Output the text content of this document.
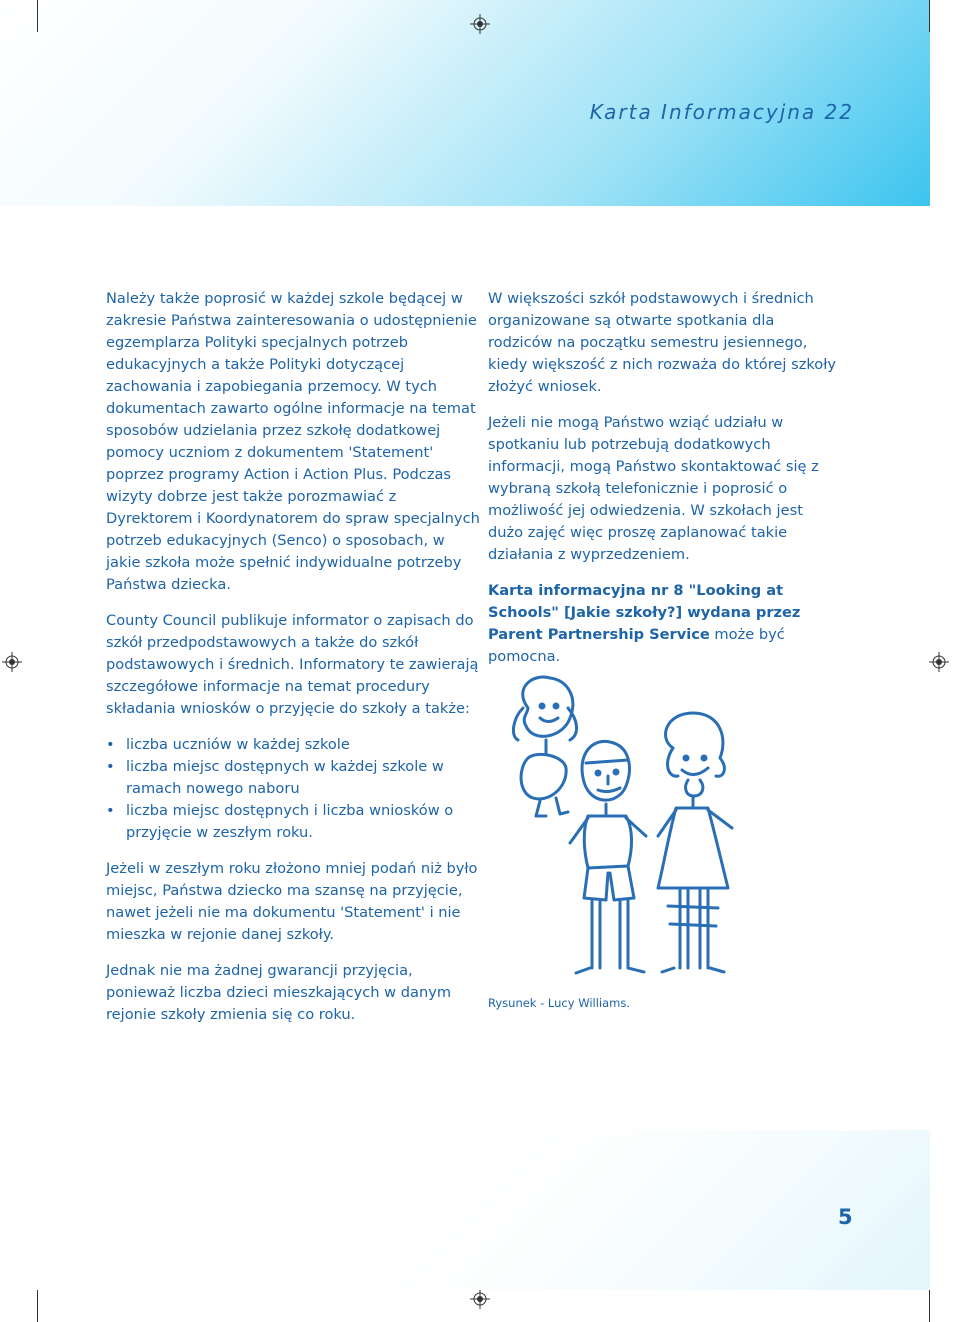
Karta Informacyjna 22

Należy także poprosić w każdej szkole będącej w zakresie Państwa zainteresowania o udostępnienie egzemplarza Polityki specjalnych potrzeb edukacyjnych a także Polityki dotyczącej zachowania i zapobiegania przemocy. W tych dokumentach zawarto ogólne informacje na temat sposobów udzielania przez szkołę dodatkowej pomocy uczniom z dokumentem 'Statement' poprzez programy Action i Action Plus. Podczas wizyty dobrze jest także porozmawiać z Dyrektorem i Koordynatorem do spraw specjalnych potrzeb edukacyjnych (Senco) o sposobach, w jakie szkoła może spełnić indywidualne potrzeby Państwa dziecka.

County Council publikuje informator o zapisach do szkół przedpodstawowych a także do szkół podstawowych i średnich. Informatory te zawierają szczegółowe informacje na temat procedury składania wniosków o przyjęcie do szkoły a także:

• liczba uczniów w każdej szkole
• liczba miejsc dostępnych w każdej szkole w ramach nowego naboru
• liczba miejsc dostępnych i liczba wniosków o przyjęcie w zeszłym roku.

Jeżeli w zeszłym roku złożono mniej podań niż było miejsc, Państwa dziecko ma szansę na przyjęcie, nawet jeżeli nie ma dokumentu 'Statement' i nie mieszka w rejonie danej szkoły.

Jednak nie ma żadnej gwarancji przyjęcia, ponieważ liczba dzieci mieszkających w danym rejonie szkoły zmienia się co roku.

W większości szkół podstawowych i średnich organizowane są otwarte spotkania dla rodziców na początku semestru jesiennego, kiedy większość z nich rozważa do której szkoły złożyć wniosek.

Jeżeli nie mogą Państwo wziąć udziału w spotkaniu lub potrzebują dodatkowych informacji, mogą Państwo skontaktować się z wybraną szkołą telefonicznie i poprosić o możliwość jej odwiedzenia. W szkołach jest dużo zajęć więc proszę zaplanować takie działania z wyprzedzeniem.

Karta informacyjna nr 8 "Looking at Schools" [Jakie szkoły?] wydana przez Parent Partnership Service może być pomocna.

Rysunek - Lucy Williams.
5
